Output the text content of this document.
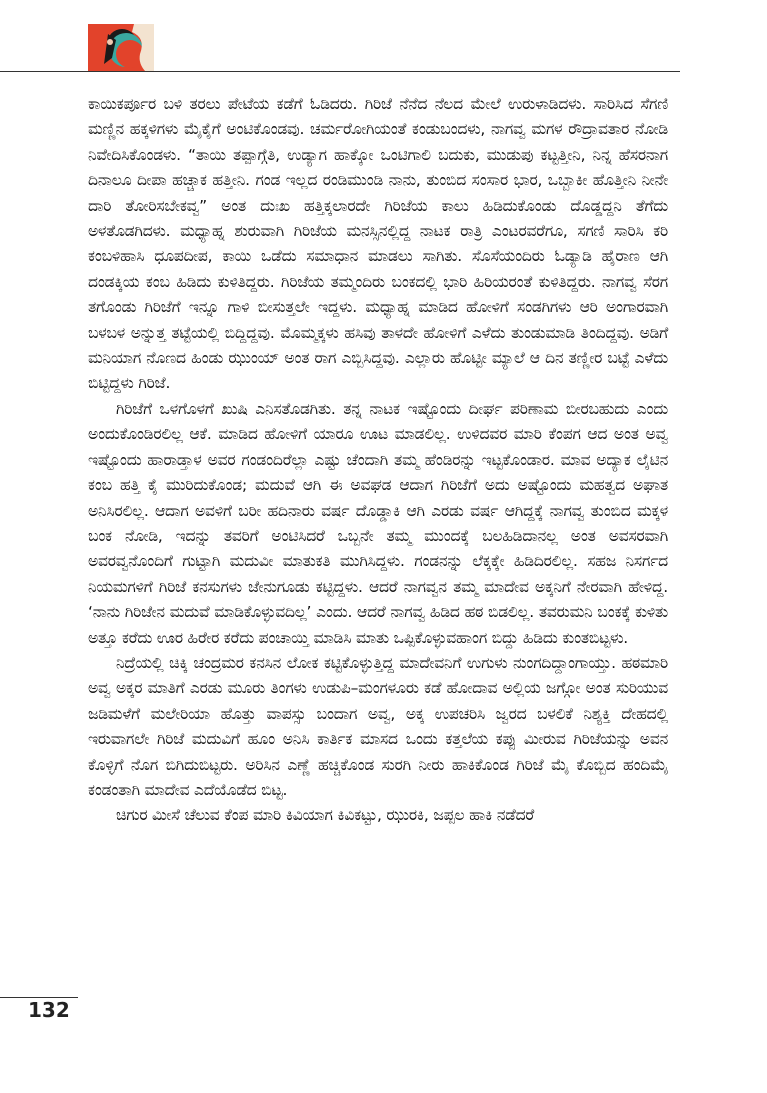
ಕಾಯಿಕರ್ಪೂರ ಬಳಿ ತರಲು ಪೇಟೆಯ ಕಡೆಗೆ ಓಡಿದರು. ಗಿರಿಜೆ ನೆನೆದ ನೆಲದ ಮೇಲೆ ಉರುಳಾಡಿದಳು. ಸಾರಿಸಿದ ಸೆಗಣಿ ಮಣ್ಣಿನ ಹಕ್ಕಳಿಗಳು ಮೈಕೈಗೆ ಅಂಟಿಕೊಂಡವು. ಚರ್ಮರೋಗಿಯಂತೆ ಕಂಡುಬಂದಳು, ನಾಗವ್ವ ಮಗಳ ರೌದ್ರಾವತಾರ ನೋಡಿ ನಿವೇದಿಸಿಕೊಂಡಳು. “ತಾಯಿ ತಪ್ಪಾಗ್ಗೆತಿ, ಉಡ್ಯಾಗ ಹಾಕ್ಕೋ ಒಂಟಿಗಾಲಿ ಬದುಕು, ಮುಡುಪು ಕಟ್ಟತ್ತೀನಿ, ನಿನ್ನ ಹೆಸರನಾಗ ದಿನಾಲೂ ದೀಪಾ ಹಚ್ಚಾಕ ಹತ್ತೀನಿ. ಗಂಡ ಇಲ್ಲದ ರಂಡಿಮುಂಡಿ ನಾನು, ತುಂಬಿದ ಸಂಸಾರ ಭಾರ, ಒಬ್ಬಾಕೀ ಹೊತ್ತೀನಿ ನೀನೇ ದಾರಿ ತೋರಿಸಬೇಕವ್ವ” ಅಂತ ದುಃಖ ಹತ್ತಿಕ್ಕಲಾರದೇ ಗಿರಿಜೆಯ ಕಾಲು ಹಿಡಿದುಕೊಂಡು ದೊಡ್ಡದ್ದನಿ ತೆಗೆದು ಅಳತೊಡಗಿದಳು. ಮಧ್ಯಾಹ್ನ ಶುರುವಾಗಿ ಗಿರಿಜೆಯ ಮನಸ್ಸಿನಲ್ಲಿದ್ದ ನಾಟಕ ರಾತ್ರಿ ಎಂಟರವರೆಗೂ, ಸಗಣಿ ಸಾರಿಸಿ ಕರಿ ಕಂಬಳಿಹಾಸಿ ಧೂಪದೀಪ, ಕಾಯಿ ಒಡೆದು ಸಮಾಧಾನ ಮಾಡಲು ಸಾಗಿತು. ಸೊಸೆಯಂದಿರು ಓಡ್ಯಾಡಿ ಹೈರಾಣ ಆಗಿ ದಂಡಕ್ಕಿಯ ಕಂಬ ಹಿಡಿದು ಕುಳಿತಿದ್ದರು. ಗಿರಿಜೆಯ ತಮ್ಮಂದಿರು ಬಂಕದಲ್ಲಿ ಭಾರಿ ಹಿರಿಯರಂತೆ ಕುಳಿತಿದ್ದರು. ನಾಗವ್ವ ಸೆರಗ ತಗೊಂಡು ಗಿರಿಜೆಗೆ ಇನ್ನೂ ಗಾಳಿ ಬೀಸುತ್ತಲೇ ಇದ್ದಳು. ಮಧ್ಯಾಹ್ನ ಮಾಡಿದ ಹೋಳಿಗೆ ಸಂಡಗಿಗಳು ಆರಿ ಅಂಗಾರವಾಗಿ ಬಳಬಳ ಅನ್ನುತ್ತ ತಟ್ಟೆಯಲ್ಲಿ ಬಿದ್ದಿದ್ದವು. ಮೊಮ್ಮಕ್ಕಳು ಹಸಿವು ತಾಳದೇ ಹೋಳಿಗೆ ಎಳೆದು ತುಂಡುಮಾಡಿ ತಿಂದಿದ್ದವು. ಅಡಿಗೆ ಮನಿಯಾಗ ನೊಣದ ಹಿಂಡು ಝುಂಯ್ ಅಂತ ರಾಗ ಎಬ್ಬಿಸಿದ್ದವು. ಎಲ್ಲಾರು ಹೊಟ್ಟೀ ಮ್ಯಾಲೆ ಆ ದಿನ ತಣ್ಣೀರ ಬಟ್ಟೆ ಎಳೆದು ಬಿಟ್ಟಿದ್ದಳು ಗಿರಿಜೆ.

ಗಿರಿಜೆಗೆ ಒಳಗೊಳಗೆ ಖುಷಿ ಎನಿಸತೊಡಗಿತು. ತನ್ನ ನಾಟಕ ಇಷ್ಟೊಂದು ದೀರ್ಘ ಪರಿಣಾಮ ಬೀರಬಹುದು ಎಂದು ಅಂದುಕೊಂಡಿರಲಿಲ್ಲ ಆಕೆ. ಮಾಡಿದ ಹೋಳಿಗೆ ಯಾರೂ ಊಟ ಮಾಡಲಿಲ್ಲ. ಉಳಿದವರ ಮಾರಿ ಕೆಂಪಗ ಆದ ಅಂತ ಅವ್ವ ಇಷ್ಟೊಂದು ಹಾರಾಡ್ತಾಳ ಅವರ ಗಂಡಂದಿರೆಲ್ಲಾ ಎಷ್ಟು ಚೆಂದಾಗಿ ತಮ್ಮ ಹೆಂಡಿರನ್ನು ಇಟ್ಟಕೊಂಡಾರ. ಮಾವ ಅದ್ಯಾಕ ಲೈಟಿನ ಕಂಬ ಹತ್ತಿ ಕೈ ಮುರಿದುಕೊಂಡ; ಮದುವೆ ಆಗಿ ಈ ಅವಘಡ ಆದಾಗ ಗಿರಿಜೆಗೆ ಅದು ಅಷ್ಟೊಂದು ಮಹತ್ವದ ಅಘಾತ ಅನಿಸಿರಲಿಲ್ಲ. ಆದಾಗ ಅವಳಿಗೆ ಬರೀ ಹದಿನಾರು ವರ್ಷ ದೊಡ್ಡಾಕಿ ಆಗಿ ಎರಡು ವರ್ಷ ಆಗಿದ್ದಕ್ಕೆ ನಾಗವ್ವ ತುಂಬಿದ ಮಕ್ಕಳ ಬಂಕ ನೋಡಿ, ಇದನ್ನು ತವರಿಗೆ ಅಂಟಿಸಿದರೆ ಒಬ್ಬನೇ ತಮ್ಮ ಮುಂದಕ್ಕೆ ಬಲಹಿಡಿದಾನಲ್ಲ ಅಂತ ಅವಸರವಾಗಿ ಅವರವ್ವನೊಂದಿಗೆ ಗುಟ್ಟಾಗಿ ಮದುವೀ ಮಾತುಕತಿ ಮುಗಿಸಿದ್ದಳು. ಗಂಡನನ್ನು ಲೆಕ್ಕಕ್ಕೇ ಹಿಡಿದಿರಲಿಲ್ಲ. ಸಹಜ ನಿಸರ್ಗದ ನಿಯಮಗಳಿಗೆ ಗಿರಿಜೆ ಕನಸುಗಳು ಜೇನುಗೂಡು ಕಟ್ಟಿದ್ದಳು. ಆದರೆ ನಾಗವ್ವನ ತಮ್ಮ ಮಾದೇವ ಅಕ್ಕನಿಗೆ ನೇರವಾಗಿ ಹೇಳಿದ್ದ. ‘ನಾನು ಗಿರಿಜೇನ ಮದುವೆ ಮಾಡಿಕೊಳ್ಳುವದಿಲ್ಲ’ ಎಂದು. ಆದರೆ ನಾಗವ್ವ ಹಿಡಿದ ಹಠ ಬಿಡಲಿಲ್ಲ. ತವರುಮನಿ ಬಂಕಕ್ಕೆ ಕುಳಿತು ಅತ್ತೂ ಕರೆದು ಊರ ಹಿರೇರ ಕರೆದು ಪಂಚಾಯ್ತಿ ಮಾಡಿಸಿ ಮಾತು ಒಪ್ಪಿಕೊಳ್ಳುವಹಾಂಗ ಬಿದ್ದು ಹಿಡಿದು ಕುಂತಬಿಟ್ಟಳು.

ನಿದ್ರೆಯಲ್ಲಿ ಚಿಕ್ಕಿ ಚಂದ್ರಮರ ಕನಸಿನ ಲೋಕ ಕಟ್ಟಿಕೊಳ್ಳುತ್ತಿದ್ದ ಮಾದೇವನಿಗೆ ಉಗುಳು ನುಂಗದಿದ್ದಾಂಗಾಯ್ತು. ಹಠಮಾರಿ ಅವ್ವ ಅಕ್ಕರ ಮಾತಿಗೆ ಎರಡು ಮೂರು ತಿಂಗಳು ಉಡುಪಿ–ಮಂಗಳೂರು ಕಡೆ ಹೋದಾವ ಅಲ್ಲಿಯ ಜಗ್ಗೋ ಅಂತ ಸುರಿಯುವ ಜಡಿಮಳೆಗೆ ಮಲೇರಿಯಾ ಹೊತ್ತು ವಾಪಸ್ಸು ಬಂದಾಗ ಅವ್ವ, ಅಕ್ಕ ಉಪಚರಿಸಿ ಜ್ವರದ ಬಳಲಿಕೆ ನಿಶ್ಯಕ್ತಿ ದೇಹದಲ್ಲಿ ಇರುವಾಗಲೇ ಗಿರಿಜೆ ಮದುವಿಗೆ ಹೂಂ ಅನಿಸಿ ಕಾರ್ತಿಕ ಮಾಸದ ಒಂದು ಕತ್ತಲೆಯ ಕಪ್ಪು ಮೀರುವ ಗಿರಿಜೆಯನ್ನು ಅವನ ಕೊಳ್ಳಿಗೆ ನೊಗ ಬಿಗಿದುಬಿಟ್ಟರು. ಅರಿಸಿನ ಎಣ್ಣೆ ಹಚ್ಚಿಕೊಂಡ ಸುರಗಿ ನೀರು ಹಾಕಿಕೊಂಡ ಗಿರಿಜೆ ಮೈ ಕೊಬ್ಬಿದ ಹಂದಿಮೈ ಕಂಡಂತಾಗಿ ಮಾದೇವ ಎದೆಯೊಡೆದ ಬಿಟ್ಟ.

ಚಿಗುರ ಮೀಸೆ ಚೆಲುವ ಕೆಂಪ ಮಾರಿ ಕಿವಿಯಾಗ ಕಿವಿಕಟ್ಟು, ಝುರಕಿ, ಜಪ್ಪಲ ಹಾಕಿ ನಡೆದರೆ

132
